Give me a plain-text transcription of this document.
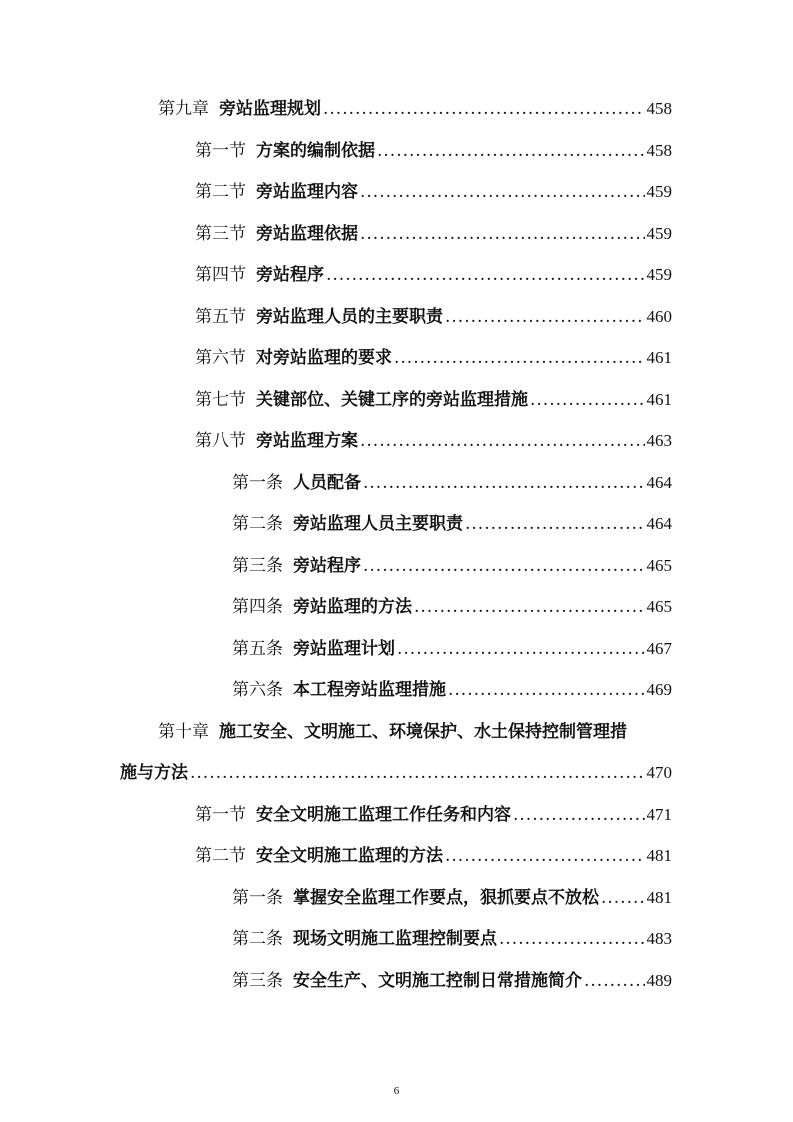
第九章 旁站监理规划 .....	458
第一节 方案的编制依据 .....	458
第二节 旁站监理内容 .....	459
第三节 旁站监理依据 .....	459
第四节 旁站程序 .....	459
第五节 旁站监理人员的主要职责 .....	460
第六节 对旁站监理的要求 .....	461
第七节 关键部位、关键工序的旁站监理措施 .....	461
第八节 旁站监理方案 .....	463
第一条 人员配备 .....	464
第二条 旁站监理人员主要职责 .....	464
第三条 旁站程序 .....	465
第四条 旁站监理的方法 .....	465
第五条 旁站监理计划 .....	467
第六条 本工程旁站监理措施 .....	469
第十章 施工安全、文明施工、环境保护、水土保持控制管理措
施与方法 .....	470
第一节 安全文明施工监理工作任务和内容 .....	471
第二节 安全文明施工监理的方法 .....	481
第一条 掌握安全监理工作要点，狠抓要点不放松 .....	481
第二条 现场文明施工监理控制要点 .....	483
第三条 安全生产、文明施工控制日常措施简介 .....	489
6
